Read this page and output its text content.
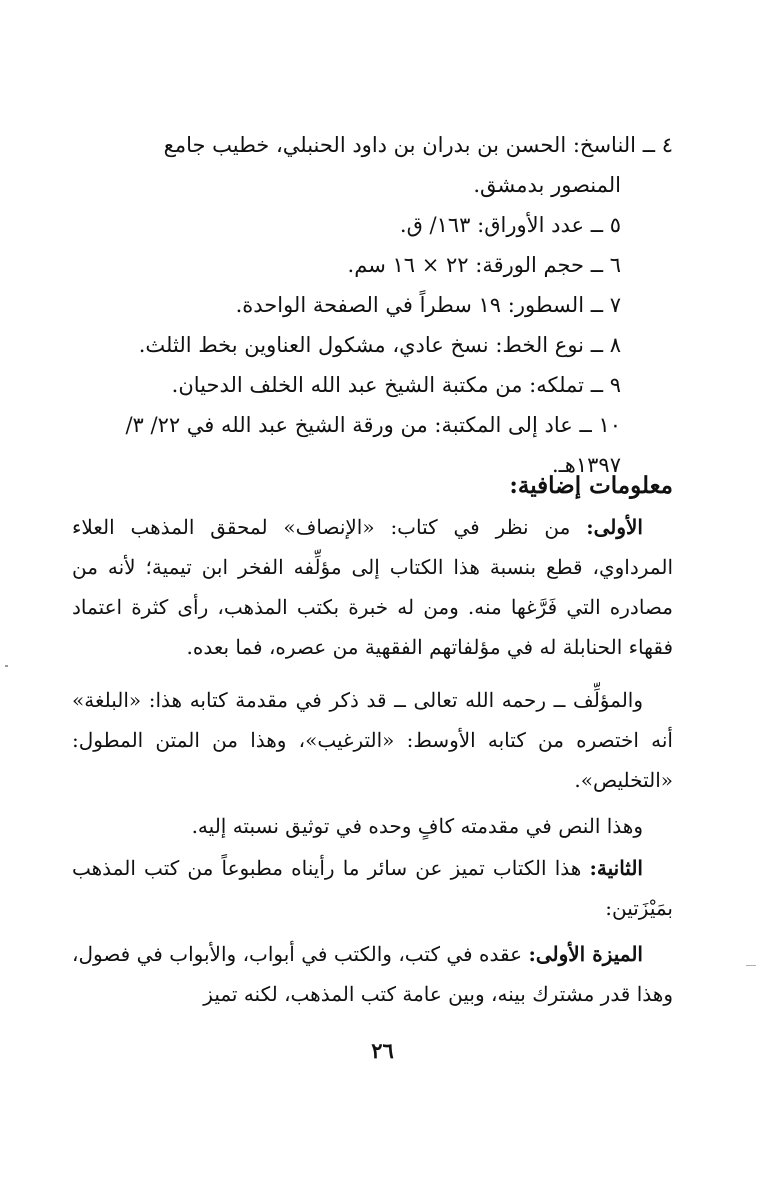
٤ ــ الناسخ: الحسن بن بدران بن داود الحنبلي، خطيب جامع
المنصور بدمشق.
٥ ــ عدد الأوراق: ١٦٣/ ق.
٦ ــ حجم الورقة: ٢٢ × ١٦ سم.
٧ ــ السطور: ١٩ سطراً في الصفحة الواحدة.
٨ ــ نوع الخط: نسخ عادي، مشكول العناوين بخط الثلث.
٩ ــ تملكه: من مكتبة الشيخ عبد الله الخلف الدحيان.
١٠ ــ عاد إلى المكتبة: من ورقة الشيخ عبد الله في ٢٢/ ٣/ ١٣٩٧هـ.
معلومات إضافية:
الأولى: من نظر في كتاب: «الإنصاف» لمحقق المذهب العلاء المرداوي، قطع بنسبة هذا الكتاب إلى مؤلِّفه الفخر ابن تيمية؛ لأنه من مصادره التي فَرَّغها منه. ومن له خبرة بكتب المذهب، رأى كثرة اعتماد فقهاء الحنابلة له في مؤلفاتهم الفقهية من عصره، فما بعده.
والمؤلِّف ــ رحمه الله تعالى ــ قد ذكر في مقدمة كتابه هذا: «البلغة» أنه اختصره من كتابه الأوسط: «الترغيب»، وهذا من المتن المطول: «التخليص».
وهذا النص في مقدمته كافٍ وحده في توثيق نسبته إليه.
الثانية: هذا الكتاب تميز عن سائر ما رأيناه مطبوعاً من كتب المذهب بمَيْزَتين:
الميزة الأولى: عقده في كتب، والكتب في أبواب، والأبواب في فصول، وهذا قدر مشترك بينه، وبين عامة كتب المذهب، لكنه تميز
٢٦
